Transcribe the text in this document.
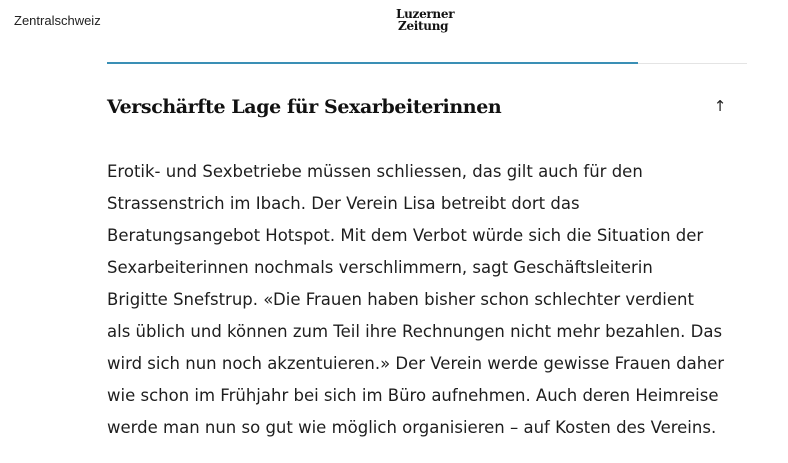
Zentralschweiz	Luzerner
Zeitung
Verschärfte Lage für Sexarbeiterinnen	↑

Erotik- und Sexbetriebe müssen schliessen, das gilt auch für den
Strassenstrich im Ibach. Der Verein Lisa betreibt dort das
Beratungsangebot Hotspot. Mit dem Verbot würde sich die Situation der
Sexarbeiterinnen nochmals verschlimmern, sagt Geschäftsleiterin
Brigitte Snefstrup. «Die Frauen haben bisher schon schlechter verdient
als üblich und können zum Teil ihre Rechnungen nicht mehr bezahlen. Das
wird sich nun noch akzentuieren.» Der Verein werde gewisse Frauen daher
wie schon im Frühjahr bei sich im Büro aufnehmen. Auch deren Heimreise
werde man nun so gut wie möglich organisieren – auf Kosten des Vereins.
